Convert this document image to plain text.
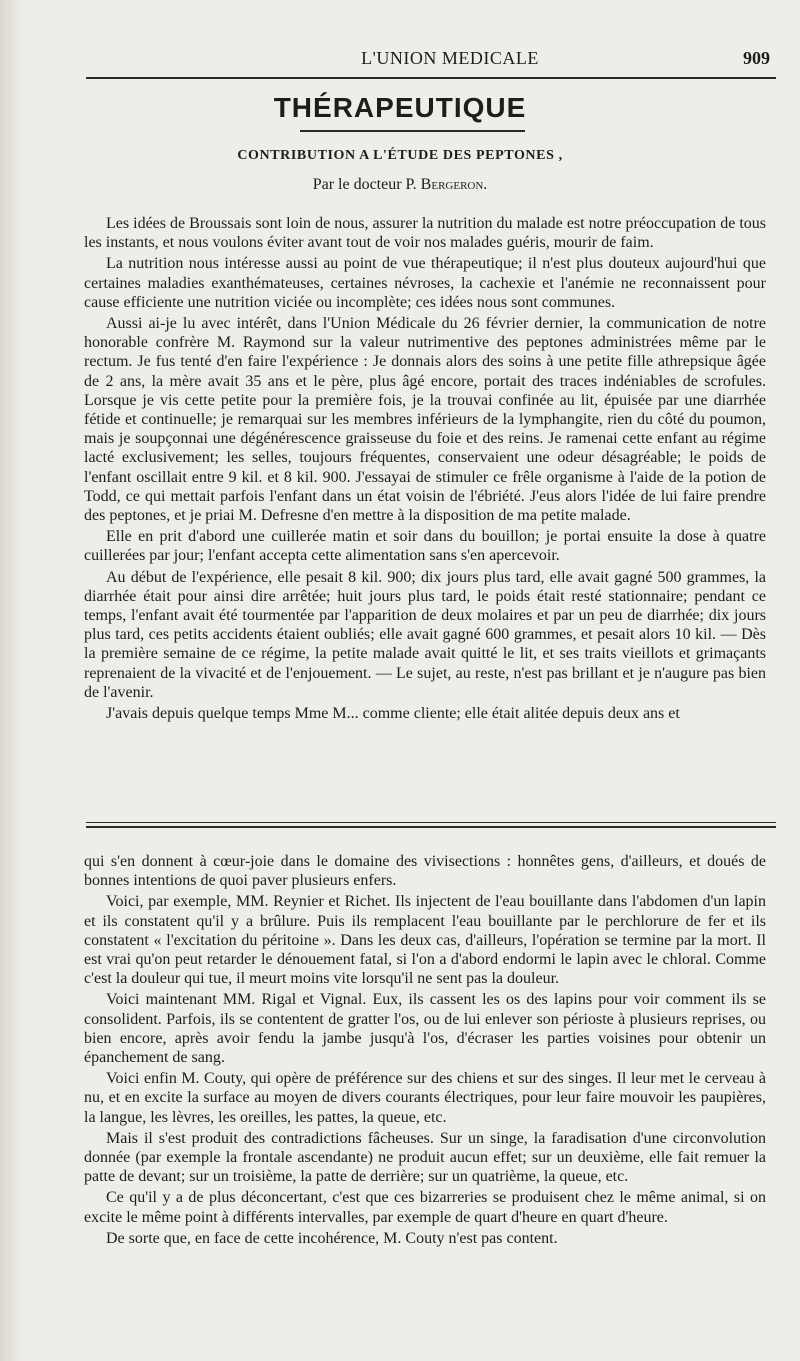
L'UNION MEDICALE	909
THÉRAPEUTIQUE
CONTRIBUTION A L'ÉTUDE DES PEPTONES ,
Par le docteur P. Bergeron.

Les idées de Broussais sont loin de nous, assurer la nutrition du malade est notre préoccupation de tous les instants, et nous voulons éviter avant tout de voir nos malades guéris, mourir de faim.

La nutrition nous intéresse aussi au point de vue thérapeutique; il n'est plus douteux aujourd'hui que certaines maladies exanthémateuses, certaines névroses, la cachexie et l'anémie ne reconnaissent pour cause efficiente une nutrition viciée ou incomplète; ces idées nous sont communes.

Aussi ai-je lu avec intérêt, dans l'Union Médicale du 26 février dernier, la communication de notre honorable confrère M. Raymond sur la valeur nutrimentive des peptones administrées même par le rectum. Je fus tenté d'en faire l'expérience : Je donnais alors des soins à une petite fille athrepsique âgée de 2 ans, la mère avait 35 ans et le père, plus âgé encore, portait des traces indéniables de scrofules. Lorsque je vis cette petite pour la première fois, je la trouvai confinée au lit, épuisée par une diarrhée fétide et continuelle; je remarquai sur les membres inférieurs de la lymphangite, rien du côté du poumon, mais je soupçonnai une dégénérescence graisseuse du foie et des reins. Je ramenai cette enfant au régime lacté exclusivement; les selles, toujours fréquentes, conservaient une odeur désagréable; le poids de l'enfant oscillait entre 9 kil. et 8 kil. 900. J'essayai de stimuler ce frêle organisme à l'aide de la potion de Todd, ce qui mettait parfois l'enfant dans un état voisin de l'ébriété. J'eus alors l'idée de lui faire prendre des peptones, et je priai M. Defresne d'en mettre à la disposition de ma petite malade.

Elle en prit d'abord une cuillerée matin et soir dans du bouillon; je portai ensuite la dose à quatre cuillerées par jour; l'enfant accepta cette alimentation sans s'en apercevoir.

Au début de l'expérience, elle pesait 8 kil. 900; dix jours plus tard, elle avait gagné 500 grammes, la diarrhée était pour ainsi dire arrêtée; huit jours plus tard, le poids était resté stationnaire; pendant ce temps, l'enfant avait été tourmentée par l'apparition de deux molaires et par un peu de diarrhée; dix jours plus tard, ces petits accidents étaient oubliés; elle avait gagné 600 grammes, et pesait alors 10 kil. — Dès la première semaine de ce régime, la petite malade avait quitté le lit, et ses traits vieillots et grimaçants reprenaient de la vivacité et de l'enjouement. — Le sujet, au reste, n'est pas brillant et je n'augure pas bien de l'avenir.

J'avais depuis quelque temps Mme M... comme cliente; elle était alitée depuis deux ans et

qui s'en donnent à cœur-joie dans le domaine des vivisections : honnêtes gens, d'ailleurs, et doués de bonnes intentions de quoi paver plusieurs enfers.

Voici, par exemple, MM. Reynier et Richet. Ils injectent de l'eau bouillante dans l'abdomen d'un lapin et ils constatent qu'il y a brûlure. Puis ils remplacent l'eau bouillante par le perchlorure de fer et ils constatent « l'excitation du péritoine ». Dans les deux cas, d'ailleurs, l'opération se termine par la mort. Il est vrai qu'on peut retarder le dénouement fatal, si l'on a d'abord endormi le lapin avec le chloral. Comme c'est la douleur qui tue, il meurt moins vite lorsqu'il ne sent pas la douleur.

Voici maintenant MM. Rigal et Vignal. Eux, ils cassent les os des lapins pour voir comment ils se consolident. Parfois, ils se contentent de gratter l'os, ou de lui enlever son périoste à plusieurs reprises, ou bien encore, après avoir fendu la jambe jusqu'à l'os, d'écraser les parties voisines pour obtenir un épanchement de sang.

Voici enfin M. Couty, qui opère de préférence sur des chiens et sur des singes. Il leur met le cerveau à nu, et en excite la surface au moyen de divers courants électriques, pour leur faire mouvoir les paupières, la langue, les lèvres, les oreilles, les pattes, la queue, etc.

Mais il s'est produit des contradictions fâcheuses. Sur un singe, la faradisation d'une circonvolution donnée (par exemple la frontale ascendante) ne produit aucun effet; sur un deuxième, elle fait remuer la patte de devant; sur un troisième, la patte de derrière; sur un quatrième, la queue, etc.

Ce qu'il y a de plus déconcertant, c'est que ces bizarreries se produisent chez le même animal, si on excite le même point à différents intervalles, par exemple de quart d'heure en quart d'heure.

De sorte que, en face de cette incohérence, M. Couty n'est pas content.
